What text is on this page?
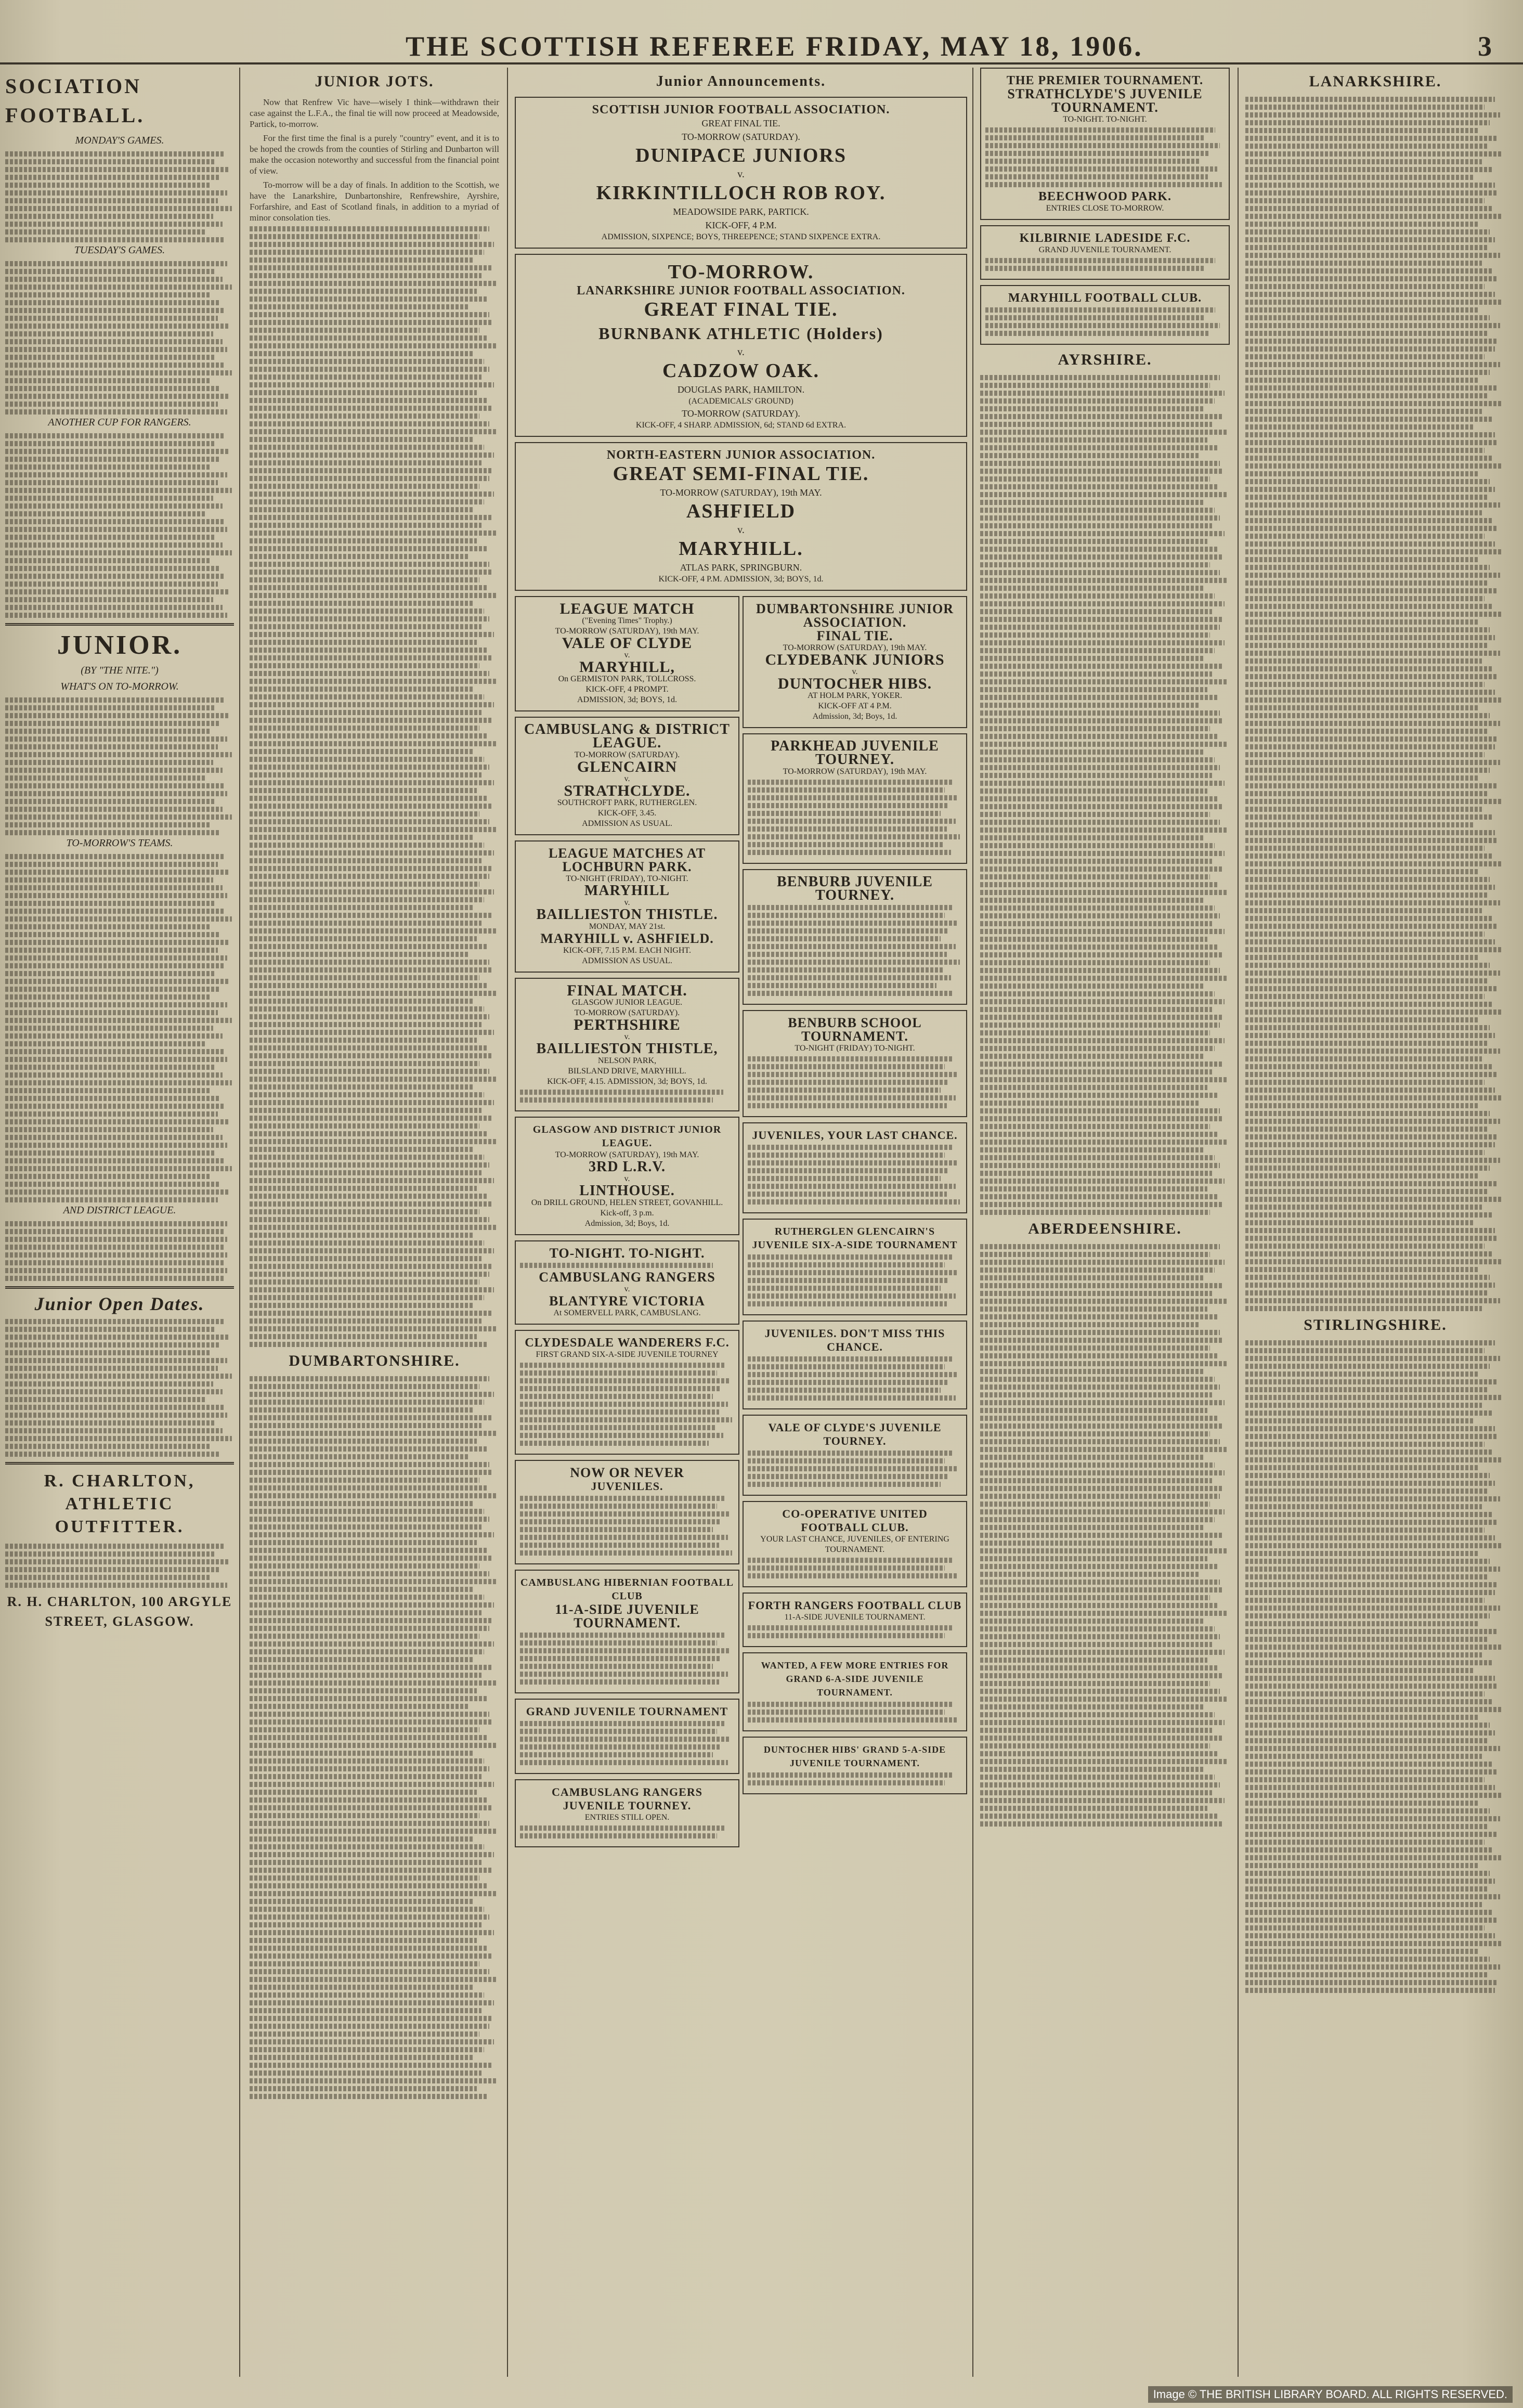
THE SCOTTISH REFEREE FRIDAY, MAY 18, 1906.	3
SOCIATION FOOTBALL.
MONDAY'S GAMES.
TUESDAY'S GAMES.
ANOTHER CUP FOR RANGERS.
JUNIOR.
(BY "THE NITE.")
WHAT'S ON TO-MORROW.
TO-MORROW'S TEAMS.
AND DISTRICT LEAGUE.
Junior Open Dates.
R. CHARLTON, ATHLETIC OUTFITTER.
R. H. CHARLTON, 100 ARGYLE STREET, GLASGOW.
JUNIOR JOTS.

Now that Renfrew Vic have—wisely I think—withdrawn their case against the L.F.A., the final tie will now proceed at Meadowside, Partick, to-morrow.

For the first time the final is a purely "country" event, and it is to be hoped the crowds from the counties of Stirling and Dunbarton will make the occasion noteworthy and successful from the financial point of view.

To-morrow will be a day of finals. In addition to the Scottish, we have the Lanarkshire, Dunbartonshire, Renfrewshire, Ayrshire, Forfarshire, and East of Scotland finals, in addition to a myriad of minor consolation ties.

DUMBARTONSHIRE.
Junior Announcements.
SCOTTISH JUNIOR FOOTBALL ASSOCIATION.
GREAT FINAL TIE.
TO-MORROW (SATURDAY).
DUNIPACE JUNIORS
v.
KIRKINTILLOCH ROB ROY.
MEADOWSIDE PARK, PARTICK.
KICK-OFF, 4 P.M.
ADMISSION, SIXPENCE; BOYS, THREEPENCE; STAND SIXPENCE EXTRA.
TO-MORROW.
LANARKSHIRE JUNIOR FOOTBALL ASSOCIATION.
GREAT FINAL TIE.
BURNBANK ATHLETIC (Holders)
v.
CADZOW OAK.
DOUGLAS PARK, HAMILTON.
(ACADEMICALS' GROUND)
TO-MORROW (SATURDAY).
KICK-OFF, 4 SHARP. ADMISSION, 6d; STAND 6d EXTRA.
NORTH-EASTERN JUNIOR ASSOCIATION.
GREAT SEMI-FINAL TIE.
TO-MORROW (SATURDAY), 19th MAY.
ASHFIELD
v.
MARYHILL.
ATLAS PARK, SPRINGBURN.
KICK-OFF, 4 P.M. ADMISSION, 3d; BOYS, 1d.
LEAGUE MATCH
("Evening Times" Trophy.)
TO-MORROW (SATURDAY), 19th MAY.
VALE OF CLYDE
v.
MARYHILL,
On GERMISTON PARK, TOLLCROSS.
KICK-OFF, 4 PROMPT.
ADMISSION, 3d; BOYS, 1d.
CAMBUSLANG & DISTRICT LEAGUE.
TO-MORROW (SATURDAY).
GLENCAIRN
v.
STRATHCLYDE.
SOUTHCROFT PARK, RUTHERGLEN.
KICK-OFF, 3.45.
ADMISSION AS USUAL.
LEAGUE MATCHES AT LOCHBURN PARK.
TO-NIGHT (FRIDAY), TO-NIGHT.
MARYHILL
v.
BAILLIESTON THISTLE.
MONDAY, MAY 21st.
MARYHILL v. ASHFIELD.
KICK-OFF, 7.15 P.M. EACH NIGHT.
ADMISSION AS USUAL.
FINAL MATCH.
GLASGOW JUNIOR LEAGUE.
TO-MORROW (SATURDAY).
PERTHSHIRE
v.
BAILLIESTON THISTLE,
NELSON PARK,
BILSLAND DRIVE, MARYHILL.
KICK-OFF, 4.15. ADMISSION, 3d; BOYS, 1d.
GLASGOW AND DISTRICT JUNIOR LEAGUE.
TO-MORROW (SATURDAY), 19th MAY.
3RD L.R.V.
v.
LINTHOUSE.
On DRILL GROUND, HELEN STREET, GOVANHILL.
Kick-off, 3 p.m.
Admission, 3d; Boys, 1d.
TO-NIGHT. TO-NIGHT.
CAMBUSLANG RANGERS
v.
BLANTYRE VICTORIA
At SOMERVELL PARK, CAMBUSLANG.
CLYDESDALE WANDERERS F.C.
FIRST GRAND SIX-A-SIDE JUVENILE TOURNEY
NOW OR NEVER
JUVENILES.
CAMBUSLANG HIBERNIAN FOOTBALL CLUB
11-A-SIDE JUVENILE TOURNAMENT.
GRAND JUVENILE TOURNAMENT
CAMBUSLANG RANGERS JUVENILE TOURNEY.
ENTRIES STILL OPEN.
DUMBARTONSHIRE JUNIOR ASSOCIATION.
FINAL TIE.
TO-MORROW (SATURDAY), 19th MAY.
CLYDEBANK JUNIORS
v.
DUNTOCHER HIBS.
AT HOLM PARK, YOKER.
KICK-OFF AT 4 P.M.
Admission, 3d; Boys, 1d.
PARKHEAD JUVENILE TOURNEY.
TO-MORROW (SATURDAY), 19th MAY.
BENBURB JUVENILE TOURNEY.
BENBURB SCHOOL TOURNAMENT.
TO-NIGHT (FRIDAY) TO-NIGHT.
JUVENILES, YOUR LAST CHANCE.
RUTHERGLEN GLENCAIRN'S JUVENILE SIX-A-SIDE TOURNAMENT
JUVENILES. DON'T MISS THIS CHANCE.
VALE OF CLYDE'S JUVENILE TOURNEY.
CO-OPERATIVE UNITED FOOTBALL CLUB.
YOUR LAST CHANCE, JUVENILES, OF ENTERING TOURNAMENT.
FORTH RANGERS FOOTBALL CLUB
11-A-SIDE JUVENILE TOURNAMENT.
WANTED, A FEW MORE ENTRIES FOR GRAND 6-A-SIDE JUVENILE TOURNAMENT.
DUNTOCHER HIBS' GRAND 5-A-SIDE JUVENILE TOURNAMENT.
THE PREMIER TOURNAMENT.
STRATHCLYDE'S JUVENILE TOURNAMENT.
TO-NIGHT. TO-NIGHT.
BEECHWOOD PARK.
ENTRIES CLOSE TO-MORROW.
KILBIRNIE LADESIDE F.C.
GRAND JUVENILE TOURNAMENT.
MARYHILL FOOTBALL CLUB.
AYRSHIRE.
ABERDEENSHIRE.
LANARKSHIRE.
STIRLINGSHIRE.
Image © THE BRITISH LIBRARY BOARD. ALL RIGHTS RESERVED.
